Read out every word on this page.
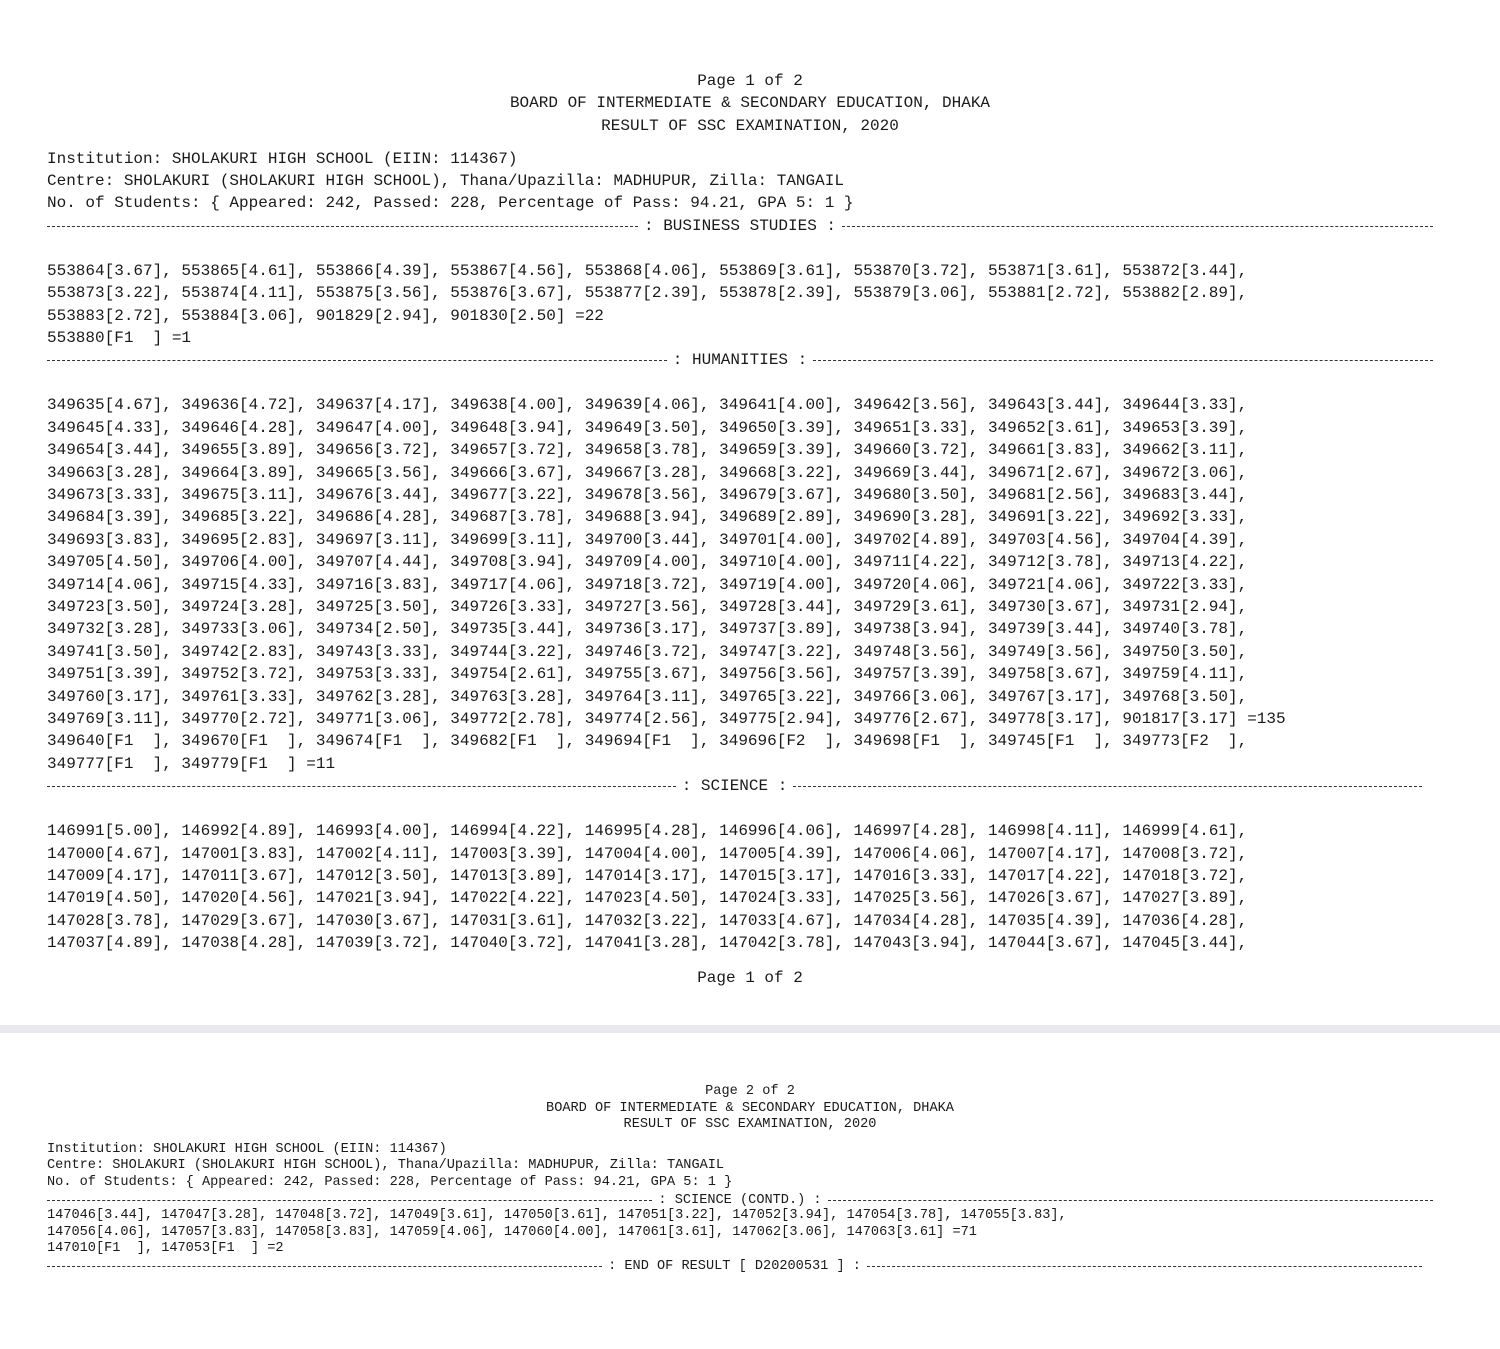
Page 1 of 2
BOARD OF INTERMEDIATE & SECONDARY EDUCATION, DHAKA
RESULT OF SSC EXAMINATION, 2020
Institution: SHOLAKURI HIGH SCHOOL (EIIN: 114367)
Centre: SHOLAKURI (SHOLAKURI HIGH SCHOOL), Thana/Upazilla: MADHUPUR, Zilla: TANGAIL
No. of Students: { Appeared: 242, Passed: 228, Percentage of Pass: 94.21, GPA 5: 1 }
: BUSINESS STUDIES :
553864[3.67], 553865[4.61], 553866[4.39], 553867[4.56], 553868[4.06], 553869[3.61], 553870[3.72], 553871[3.61], 553872[3.44],
553873[3.22], 553874[4.11], 553875[3.56], 553876[3.67], 553877[2.39], 553878[2.39], 553879[3.06], 553881[2.72], 553882[2.89],
553883[2.72], 553884[3.06], 901829[2.94], 901830[2.50] =22
553880[F1  ] =1
: HUMANITIES :
349635[4.67], 349636[4.72], 349637[4.17], 349638[4.00], 349639[4.06], 349641[4.00], 349642[3.56], 349643[3.44], 349644[3.33],
349645[4.33], 349646[4.28], 349647[4.00], 349648[3.94], 349649[3.50], 349650[3.39], 349651[3.33], 349652[3.61], 349653[3.39],
349654[3.44], 349655[3.89], 349656[3.72], 349657[3.72], 349658[3.78], 349659[3.39], 349660[3.72], 349661[3.83], 349662[3.11],
349663[3.28], 349664[3.89], 349665[3.56], 349666[3.67], 349667[3.28], 349668[3.22], 349669[3.44], 349671[2.67], 349672[3.06],
349673[3.33], 349675[3.11], 349676[3.44], 349677[3.22], 349678[3.56], 349679[3.67], 349680[3.50], 349681[2.56], 349683[3.44],
349684[3.39], 349685[3.22], 349686[4.28], 349687[3.78], 349688[3.94], 349689[2.89], 349690[3.28], 349691[3.22], 349692[3.33],
349693[3.83], 349695[2.83], 349697[3.11], 349699[3.11], 349700[3.44], 349701[4.00], 349702[4.89], 349703[4.56], 349704[4.39],
349705[4.50], 349706[4.00], 349707[4.44], 349708[3.94], 349709[4.00], 349710[4.00], 349711[4.22], 349712[3.78], 349713[4.22],
349714[4.06], 349715[4.33], 349716[3.83], 349717[4.06], 349718[3.72], 349719[4.00], 349720[4.06], 349721[4.06], 349722[3.33],
349723[3.50], 349724[3.28], 349725[3.50], 349726[3.33], 349727[3.56], 349728[3.44], 349729[3.61], 349730[3.67], 349731[2.94],
349732[3.28], 349733[3.06], 349734[2.50], 349735[3.44], 349736[3.17], 349737[3.89], 349738[3.94], 349739[3.44], 349740[3.78],
349741[3.50], 349742[2.83], 349743[3.33], 349744[3.22], 349746[3.72], 349747[3.22], 349748[3.56], 349749[3.56], 349750[3.50],
349751[3.39], 349752[3.72], 349753[3.33], 349754[2.61], 349755[3.67], 349756[3.56], 349757[3.39], 349758[3.67], 349759[4.11],
349760[3.17], 349761[3.33], 349762[3.28], 349763[3.28], 349764[3.11], 349765[3.22], 349766[3.06], 349767[3.17], 349768[3.50],
349769[3.11], 349770[2.72], 349771[3.06], 349772[2.78], 349774[2.56], 349775[2.94], 349776[2.67], 349778[3.17], 901817[3.17] =135
349640[F1  ], 349670[F1  ], 349674[F1  ], 349682[F1  ], 349694[F1  ], 349696[F2  ], 349698[F1  ], 349745[F1  ], 349773[F2  ],
349777[F1  ], 349779[F1  ] =11
: SCIENCE :
146991[5.00], 146992[4.89], 146993[4.00], 146994[4.22], 146995[4.28], 146996[4.06], 146997[4.28], 146998[4.11], 146999[4.61],
147000[4.67], 147001[3.83], 147002[4.11], 147003[3.39], 147004[4.00], 147005[4.39], 147006[4.06], 147007[4.17], 147008[3.72],
147009[4.17], 147011[3.67], 147012[3.50], 147013[3.89], 147014[3.17], 147015[3.17], 147016[3.33], 147017[4.22], 147018[3.72],
147019[4.50], 147020[4.56], 147021[3.94], 147022[4.22], 147023[4.50], 147024[3.33], 147025[3.56], 147026[3.67], 147027[3.89],
147028[3.78], 147029[3.67], 147030[3.67], 147031[3.61], 147032[3.22], 147033[4.67], 147034[4.28], 147035[4.39], 147036[4.28],
147037[4.89], 147038[4.28], 147039[3.72], 147040[3.72], 147041[3.28], 147042[3.78], 147043[3.94], 147044[3.67], 147045[3.44],
Page 1 of 2
Page 2 of 2
BOARD OF INTERMEDIATE & SECONDARY EDUCATION, DHAKA
RESULT OF SSC EXAMINATION, 2020
Institution: SHOLAKURI HIGH SCHOOL (EIIN: 114367)
Centre: SHOLAKURI (SHOLAKURI HIGH SCHOOL), Thana/Upazilla: MADHUPUR, Zilla: TANGAIL
No. of Students: { Appeared: 242, Passed: 228, Percentage of Pass: 94.21, GPA 5: 1 }
: SCIENCE (CONTD.) :
147046[3.44], 147047[3.28], 147048[3.72], 147049[3.61], 147050[3.61], 147051[3.22], 147052[3.94], 147054[3.78], 147055[3.83],
147056[4.06], 147057[3.83], 147058[3.83], 147059[4.06], 147060[4.00], 147061[3.61], 147062[3.06], 147063[3.61] =71
147010[F1  ], 147053[F1  ] =2
: END OF RESULT [ D20200531 ] :
